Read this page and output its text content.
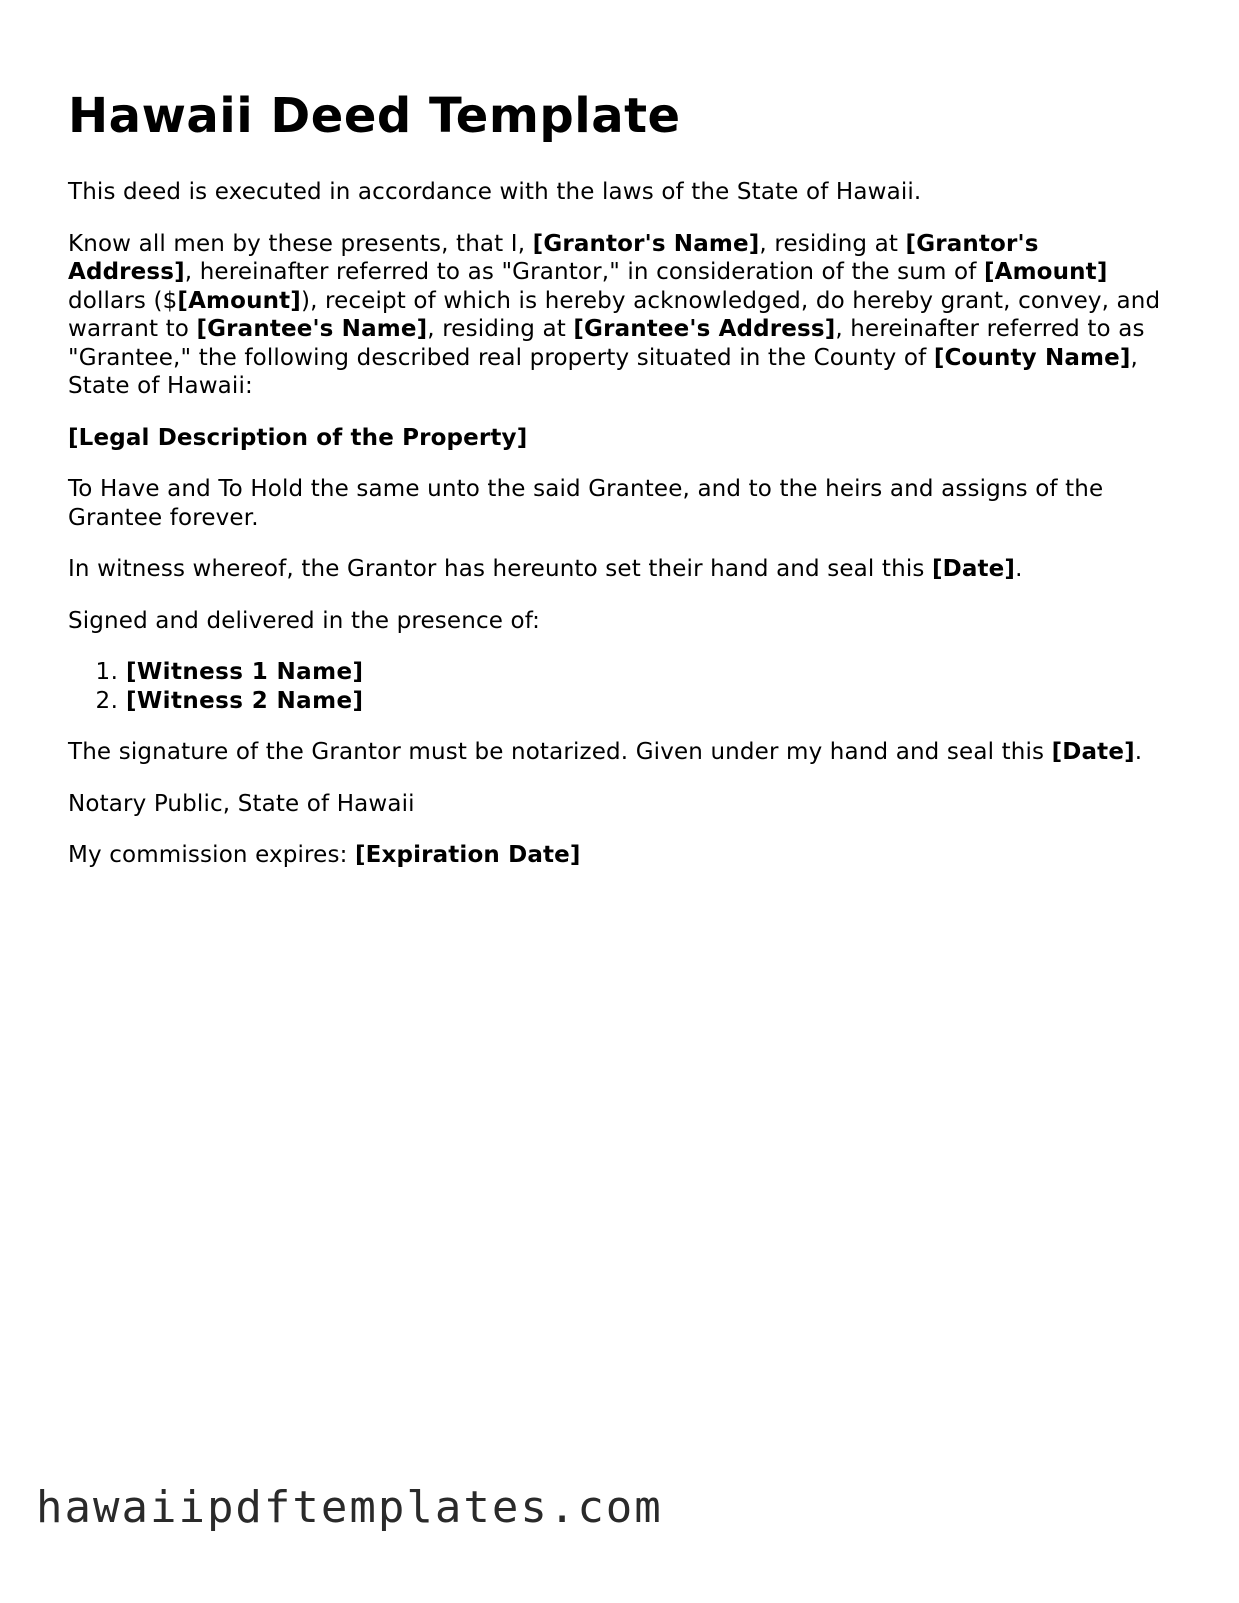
Hawaii Deed Template

This deed is executed in accordance with the laws of the State of Hawaii.

Know all men by these presents, that I, [Grantor's Name], residing at [Grantor's Address], hereinafter referred to as "Grantor," in consideration of the sum of [Amount] dollars ($[Amount]), receipt of which is hereby acknowledged, do hereby grant, convey, and warrant to [Grantee's Name], residing at [Grantee's Address], hereinafter referred to as "Grantee," the following described real property situated in the County of [County Name], State of Hawaii:

[Legal Description of the Property]

To Have and To Hold the same unto the said Grantee, and to the heirs and assigns of the Grantee forever.

In witness whereof, the Grantor has hereunto set their hand and seal this [Date].

Signed and delivered in the presence of:

1. [Witness 1 Name]
2. [Witness 2 Name]

The signature of the Grantor must be notarized. Given under my hand and seal this [Date].

Notary Public, State of Hawaii

My commission expires: [Expiration Date]

hawaiipdftemplates.com
